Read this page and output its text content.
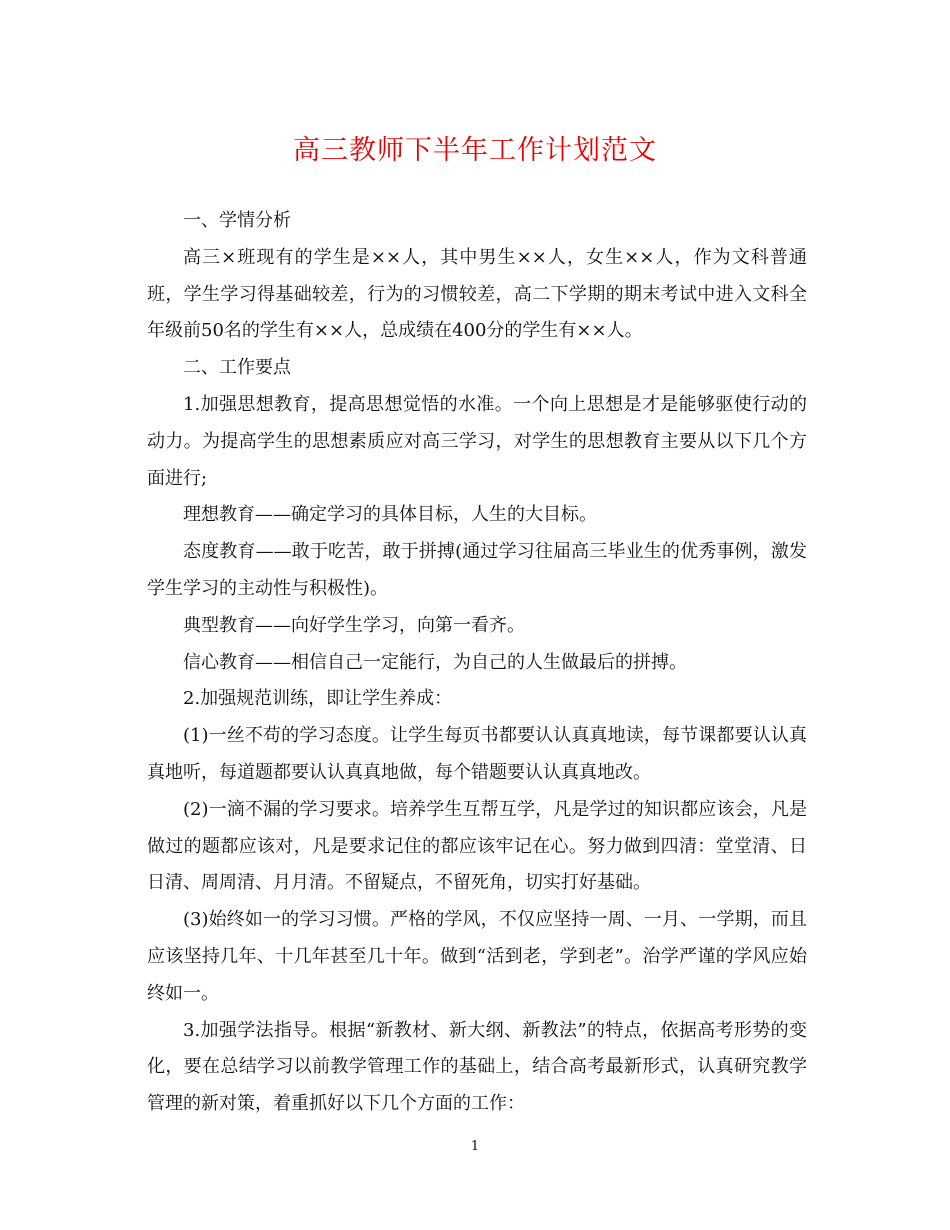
高三教师下半年工作计划范文

一、学情分析

高三×班现有的学生是××人，其中男生××人，女生××人，作为文科普通班，学生学习得基础较差，行为的习惯较差，高二下学期的期末考试中进入文科全年级前50名的学生有××人，总成绩在400分的学生有××人。

二、工作要点

1.加强思想教育，提高思想觉悟的水准。一个向上思想是才是能够驱使行动的动力。为提高学生的思想素质应对高三学习，对学生的思想教育主要从以下几个方面进行;

理想教育——确定学习的具体目标，人生的大目标。

态度教育——敢于吃苦，敢于拼搏(通过学习往届高三毕业生的优秀事例，激发学生学习的主动性与积极性)。

典型教育——向好学生学习，向第一看齐。

信心教育——相信自己一定能行，为自己的人生做最后的拼搏。

2.加强规范训练，即让学生养成：

(1)一丝不苟的学习态度。让学生每页书都要认认真真地读，每节课都要认认真真地听，每道题都要认认真真地做，每个错题要认认真真地改。

(2)一滴不漏的学习要求。培养学生互帮互学，凡是学过的知识都应该会，凡是做过的题都应该对，凡是要求记住的都应该牢记在心。努力做到四清：堂堂清、日日清、周周清、月月清。不留疑点，不留死角，切实打好基础。

(3)始终如一的学习习惯。严格的学风，不仅应坚持一周、一月、一学期，而且应该坚持几年、十几年甚至几十年。做到“活到老，学到老”。治学严谨的学风应始终如一。

3.加强学法指导。根据“新教材、新大纲、新教法”的特点，依据高考形势的变化，要在总结学习以前教学管理工作的基础上，结合高考最新形式，认真研究教学管理的新对策，着重抓好以下几个方面的工作：

1
